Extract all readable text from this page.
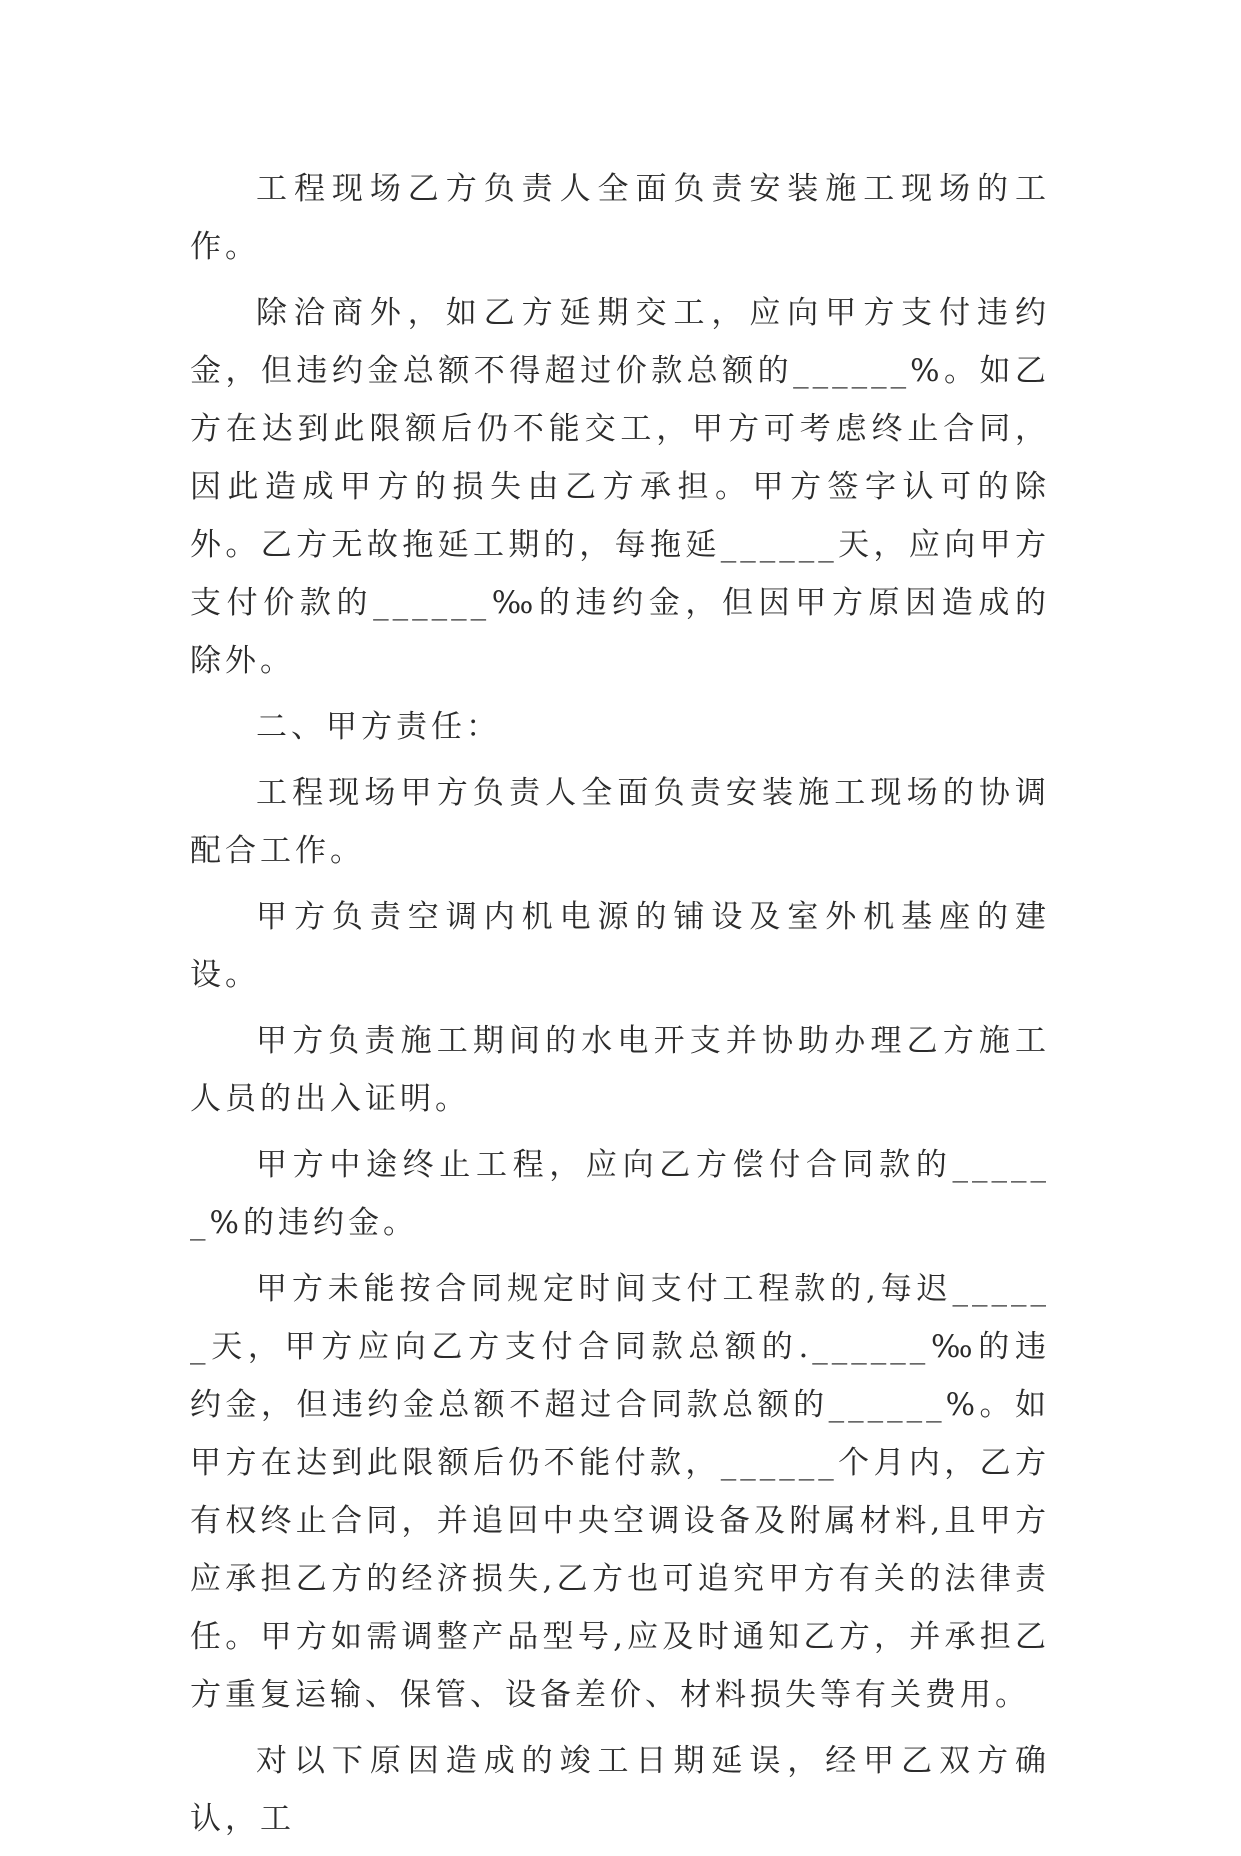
工程现场乙方负责人全面负责安装施工现场的工作。

除洽商外，如乙方延期交工，应向甲方支付违约金，但违约金总额不得超过价款总额的______%。如乙方在达到此限额后仍不能交工，甲方可考虑终止合同，因此造成甲方的损失由乙方承担。甲方签字认可的除外。乙方无故拖延工期的，每拖延______天，应向甲方支付价款的______‰的违约金，但因甲方原因造成的除外。

二、甲方责任：

工程现场甲方负责人全面负责安装施工现场的协调配合工作。

甲方负责空调内机电源的铺设及室外机基座的建设。

甲方负责施工期间的水电开支并协助办理乙方施工人员的出入证明。

甲方中途终止工程，应向乙方偿付合同款的______%的违约金。

甲方未能按合同规定时间支付工程款的,每迟______天，甲方应向乙方支付合同款总额的.______‰的违约金，但违约金总额不超过合同款总额的______%。如甲方在达到此限额后仍不能付款，______个月内，乙方有权终止合同，并追回中央空调设备及附属材料,且甲方应承担乙方的经济损失,乙方也可追究甲方有关的法律责任。甲方如需调整产品型号,应及时通知乙方，并承担乙方重复运输、保管、设备差价、材料损失等有关费用。

对以下原因造成的竣工日期延误，经甲乙双方确认，工
